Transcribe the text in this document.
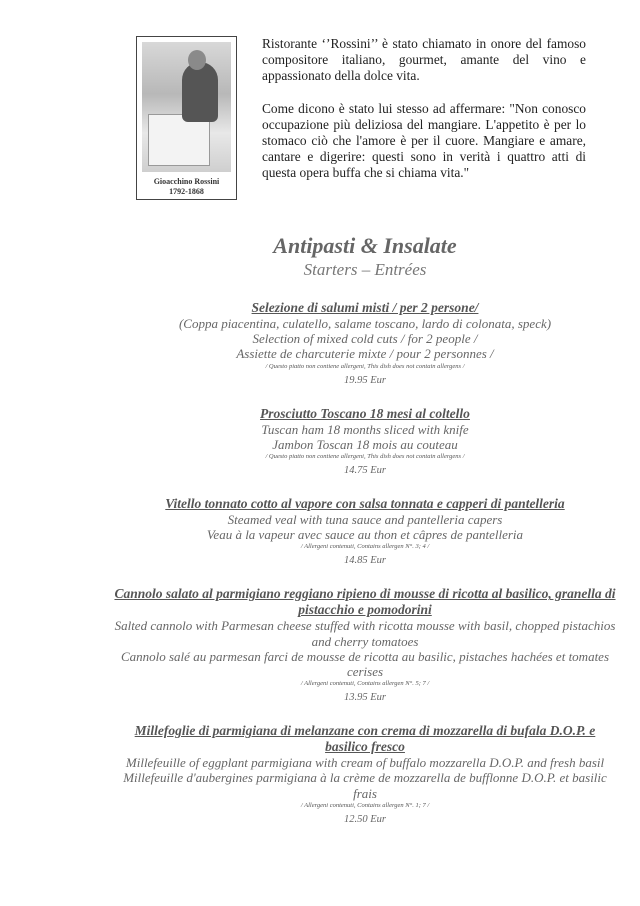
Gioacchino Rossini
1792-1868

Ristorante ‘’Rossini’’ è stato chiamato in onore del famoso compositore italiano, gourmet, amante del vino e appassionato della dolce vita.

Come dicono è stato lui stesso ad affermare: "Non conosco occupazione più deliziosa del mangiare. L'appetito è per lo stomaco ciò che l'amore è per il cuore. Mangiare e amare, cantare e digerire: questi sono in verità i quattro atti di questa opera buffa che si chiama vita."

Antipasti & Insalate
Starters – Entrées
Selezione di salumi misti / per 2 persone/
(Coppa piacentina, culatello, salame toscano, lardo di colonata, speck)
Selection of mixed cold cuts / for 2 people /
Assiette de charcuterie mixte / pour 2 personnes /
/ Questo piatto non contiene allergeni, This dish does not contain allergens /
19.95 Eur
Prosciutto Toscano 18 mesi al coltello
Tuscan ham 18 months sliced with knife
Jambon Toscan 18 mois au couteau
/ Questo piatto non contiene allergeni, This dish does not contain allergens /
14.75 Eur
Vitello tonnato cotto al vapore con salsa tonnata e capperi di pantelleria
Steamed veal with tuna sauce and pantelleria capers
Veau à la vapeur avec sauce au thon et câpres de pantelleria
/ Allergeni contenuti, Contains allergen N°. 3; 4 /
14.85 Eur
Cannolo salato al parmigiano reggiano ripieno di mousse di ricotta al basilico, granella di pistacchio e pomodorini
Salted cannolo with Parmesan cheese stuffed with ricotta mousse with basil, chopped pistachios and cherry tomatoes
Cannolo salé au parmesan farci de mousse de ricotta au basilic, pistaches hachées et tomates cerises
/ Allergeni contenuti, Contains allergen N°. 5; 7 /
13.95 Eur
Millefoglie di parmigiana di melanzane con crema di mozzarella di bufala D.O.P. e basilico fresco
Millefeuille of eggplant parmigiana with cream of buffalo mozzarella D.O.P. and fresh basil
Millefeuille d'aubergines parmigiana à la crème de mozzarella de bufflonne D.O.P. et basilic frais
/ Allergeni contenuti, Contains allergen N°. 1; 7 /
12.50 Eur
